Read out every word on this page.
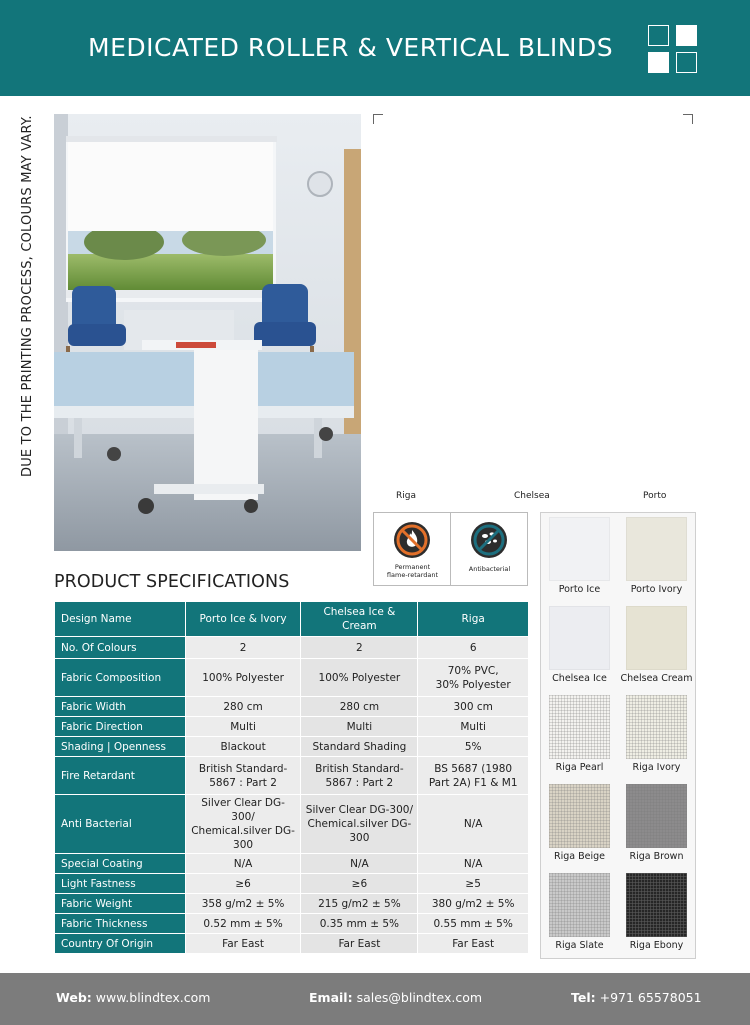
MEDICATED ROLLER & VERTICAL BLINDS
DUE TO THE PRINTING PROCESS, COLOURS MAY VARY.
Riga	Chelsea	Porto
Permanent
flame-retardant
Antibacterial
PRODUCT SPECIFICATIONS
Design Name	Porto Ice & Ivory	Chelsea Ice & Cream	Riga
No. Of Colours	2	2	6
Fabric Composition	100% Polyester	100% Polyester	70% PVC,
30% Polyester
Fabric Width	280 cm	280 cm	300 cm
Fabric Direction	Multi	Multi	Multi
Shading | Openness	Blackout	Standard Shading	5%
Fire Retardant	British Standard-
5867 : Part 2	British Standard-
5867 : Part 2	BS 5687 (1980
Part 2A) F1 & M1
Anti Bacterial	Silver Clear DG-300/
Chemical.silver DG-
300	Silver Clear DG-300/
Chemical.silver DG-
300	N/A
Special Coating	N/A	N/A	N/A
Light Fastness	≥6	≥6	≥5
Fabric Weight	358 g/m2 ± 5%	215 g/m2 ± 5%	380 g/m2 ± 5%
Fabric Thickness	0.52 mm ± 5%	0.35 mm ± 5%	0.55 mm ± 5%
Country Of Origin	Far East	Far East	Far East
Porto Ice	Porto Ivory
Chelsea Ice	Chelsea Cream
Riga Pearl	Riga Ivory
Riga Beige	Riga Brown
Riga Slate	Riga Ebony
Web: www.blindtex.com	Email: sales@blindtex.com	Tel: +971 65578051
